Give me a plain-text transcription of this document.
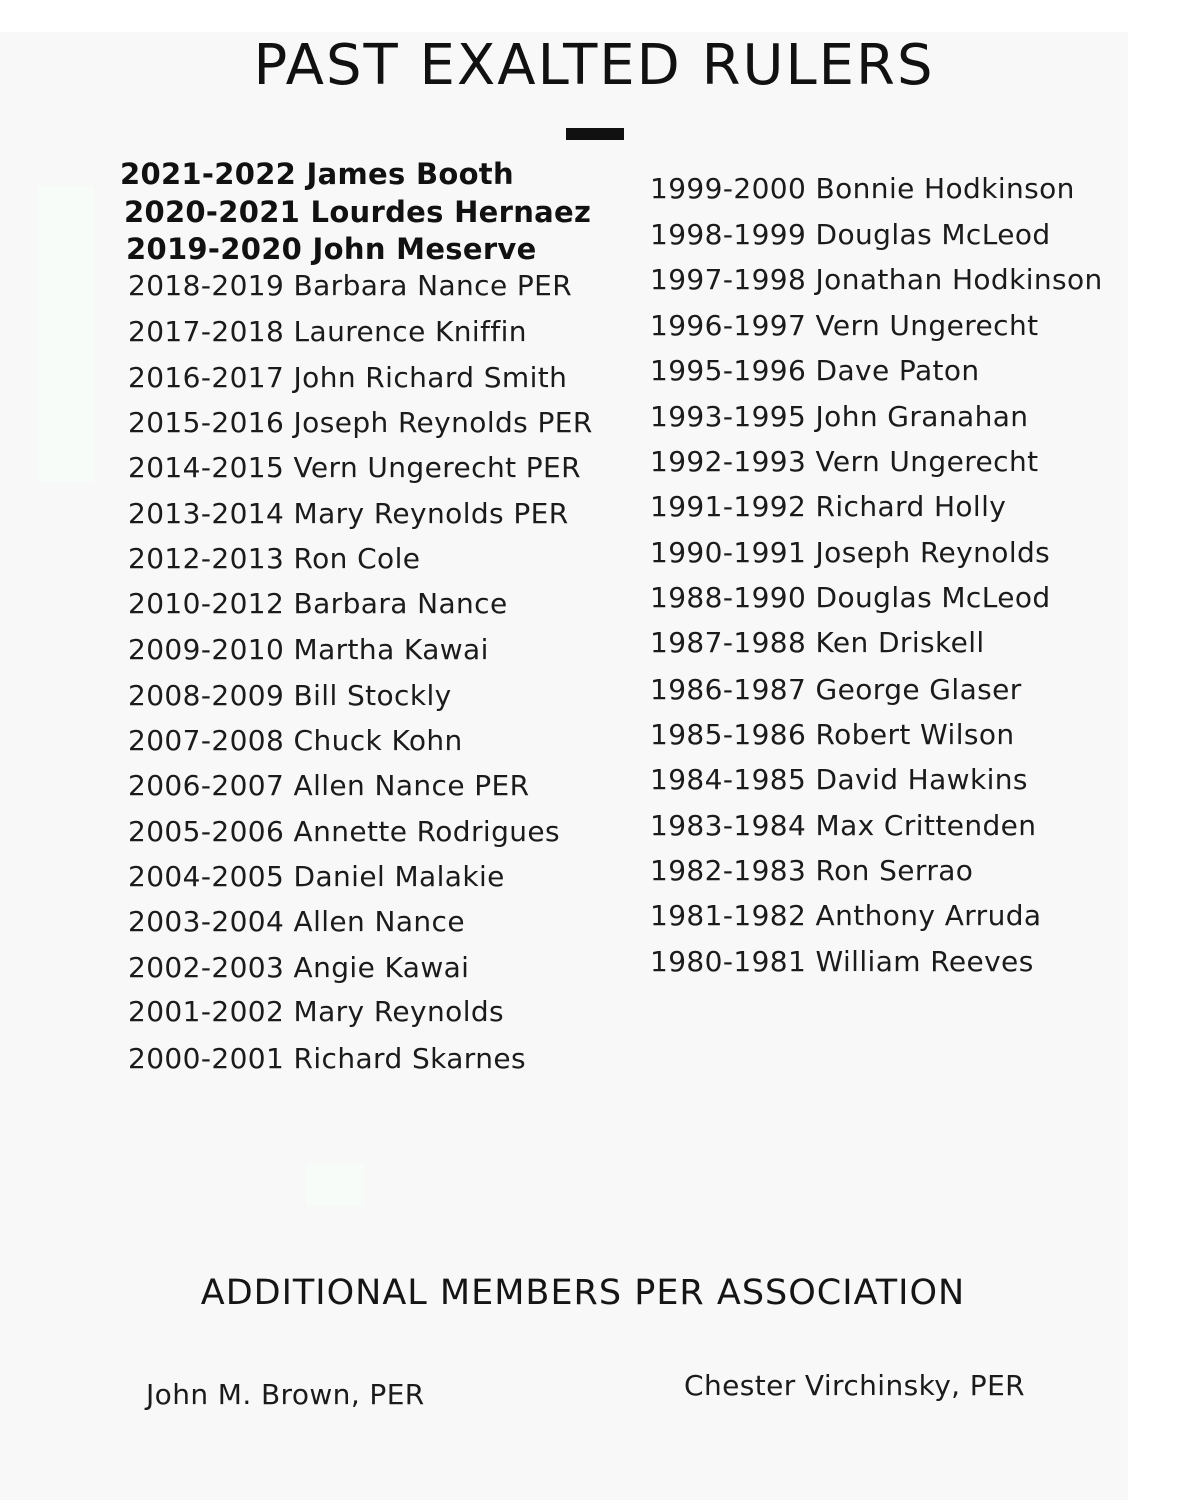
PAST EXALTED RULERS
2021-2022 James Booth
2020-2021 Lourdes Hernaez
2019-2020 John Meserve
2018-2019 Barbara Nance PER
2017-2018 Laurence Kniffin
2016-2017 John Richard Smith
2015-2016 Joseph Reynolds PER
2014-2015 Vern Ungerecht PER
2013-2014 Mary Reynolds PER
2012-2013 Ron Cole
2010-2012 Barbara Nance
2009-2010 Martha Kawai
2008-2009 Bill Stockly
2007-2008 Chuck Kohn
2006-2007 Allen Nance PER
2005-2006 Annette Rodrigues
2004-2005 Daniel Malakie
2003-2004 Allen Nance
2002-2003 Angie Kawai
2001-2002 Mary Reynolds
2000-2001 Richard Skarnes
1999-2000 Bonnie Hodkinson
1998-1999 Douglas McLeod
1997-1998 Jonathan Hodkinson
1996-1997 Vern Ungerecht
1995-1996 Dave Paton
1993-1995 John Granahan
1992-1993 Vern Ungerecht
1991-1992 Richard Holly
1990-1991 Joseph Reynolds
1988-1990 Douglas McLeod
1987-1988 Ken Driskell
1986-1987 George Glaser
1985-1986 Robert Wilson
1984-1985 David Hawkins
1983-1984 Max Crittenden
1982-1983 Ron Serrao
1981-1982 Anthony Arruda
1980-1981 William Reeves
ADDITIONAL MEMBERS PER ASSOCIATION
John M. Brown, PER	Chester Virchinsky, PER
